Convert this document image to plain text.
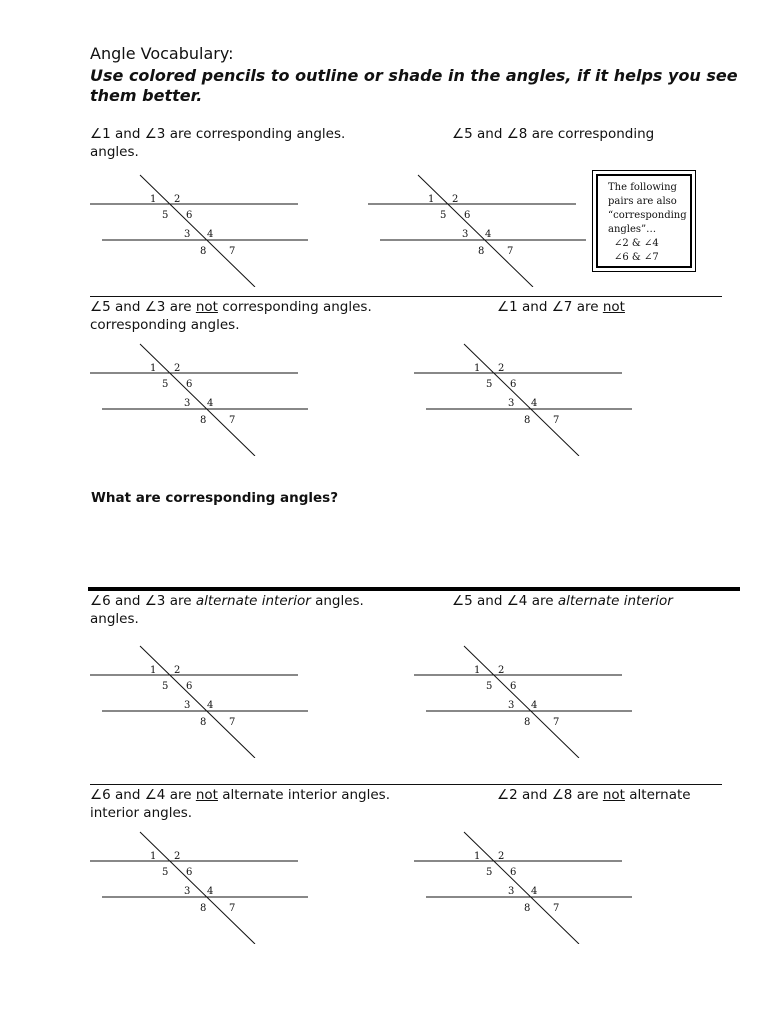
Angle Vocabulary:
Use colored pencils to outline or shade in the angles, if it helps you see them better.
∠1 and ∠3 are corresponding angles.	∠5 and ∠8 are corresponding
angles.
1 2
5 6
3 4
8 7
1 2
5 6
3 4
8 7
The following pairs are also “corresponding angles”…
∠2 & ∠4
∠6 & ∠7
∠5 and ∠3 are not corresponding angles.	∠1 and ∠7 are not
corresponding angles.
1 2
5 6
3 4
8 7
1 2
5 6
3 4
8 7
What are corresponding angles?
∠6 and ∠3 are alternate interior angles.	∠5 and ∠4 are alternate interior
angles.
1 2
5 6
3 4
8 7
1 2
5 6
3 4
8 7
∠6 and ∠4 are not alternate interior angles.	∠2 and ∠8 are not alternate
interior angles.
1 2
5 6
3 4
8 7
1 2
5 6
3 4
8 7
